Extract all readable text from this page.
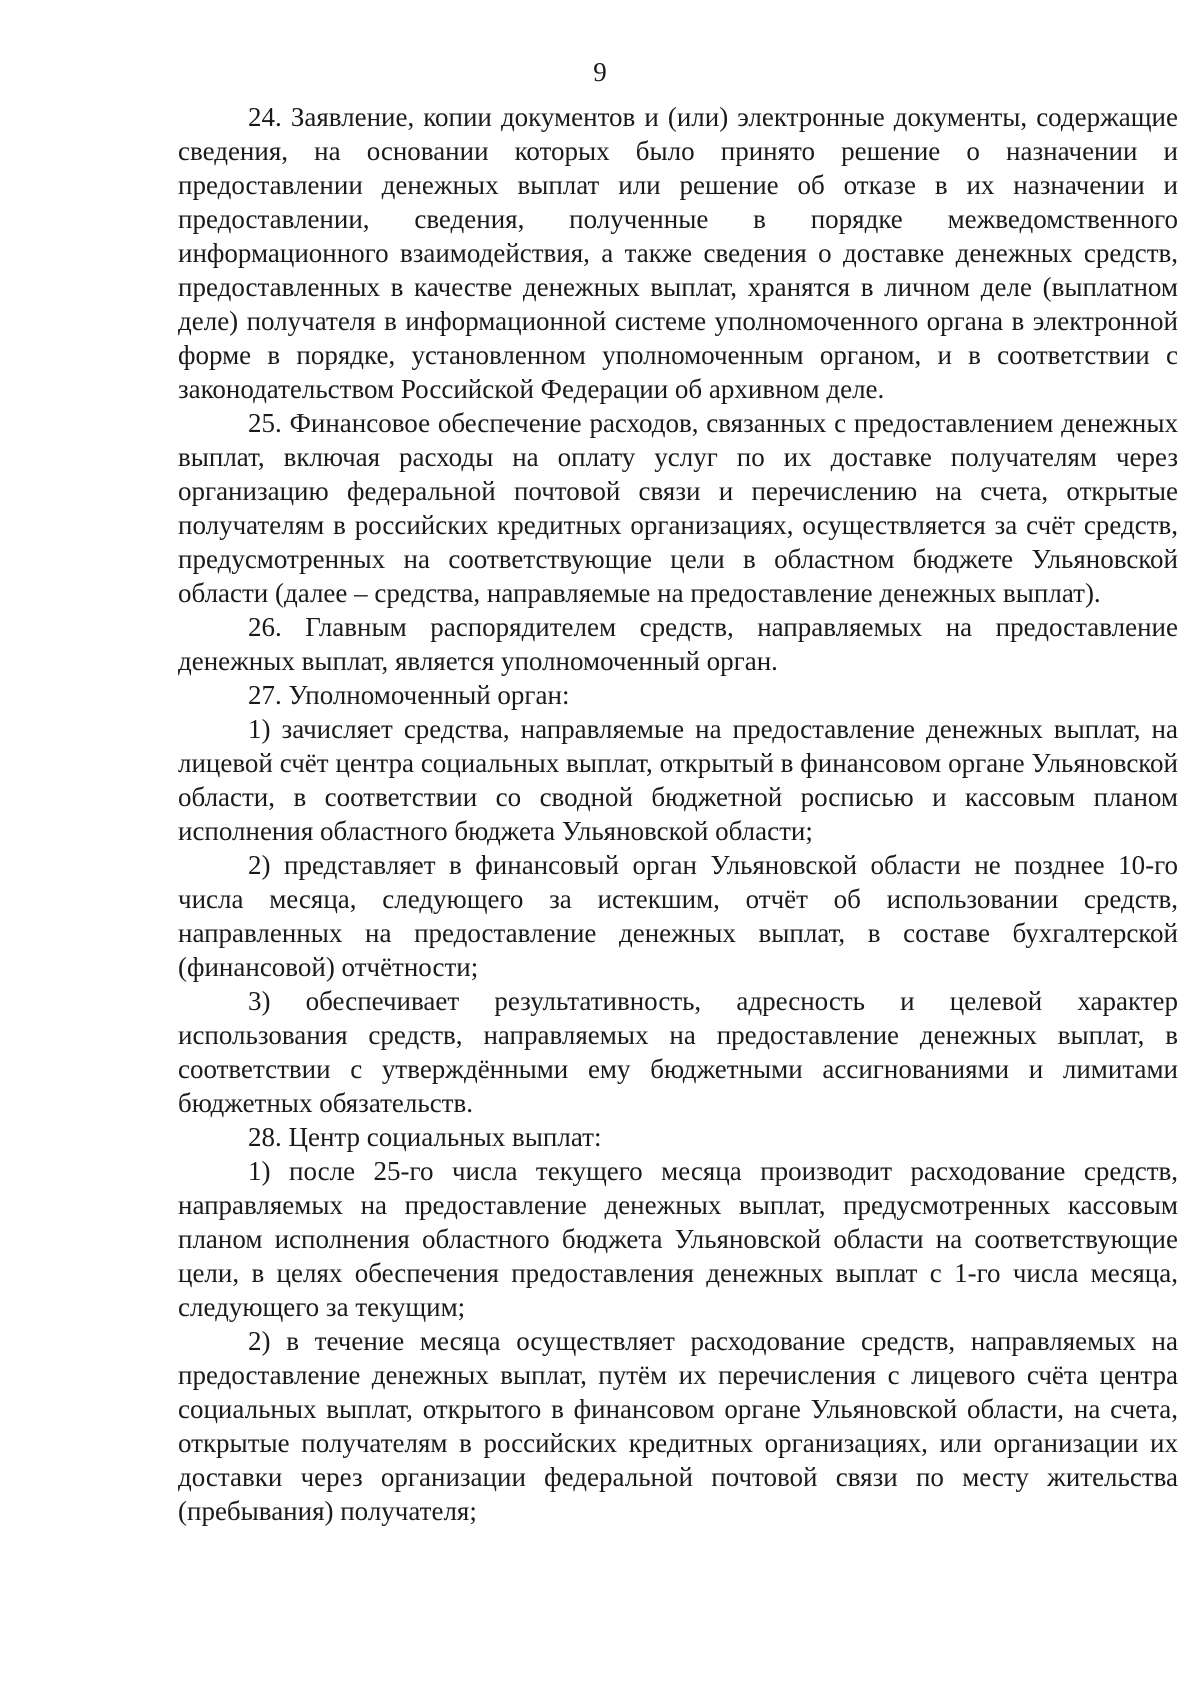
9

24. Заявление, копии документов и (или) электронные документы, содержащие сведения, на основании которых было принято решение о назначении и предоставлении денежных выплат или решение об отказе в их назначении и предоставлении, сведения, полученные в порядке межведомственного информационного взаимодействия, а также сведения о доставке денежных средств, предоставленных в качестве денежных выплат, хранятся в личном деле (выплатном деле) получателя в информационной системе уполномоченного органа в электронной форме в порядке, установленном уполномоченным органом, и в соответствии с законодательством Российской Федерации об архивном деле.

25. Финансовое обеспечение расходов, связанных с предоставлением денежных выплат, включая расходы на оплату услуг по их доставке получателям через организацию федеральной почтовой связи и перечислению на счета, открытые получателям в российских кредитных организациях, осуществляется за счёт средств, предусмотренных на соответствующие цели в областном бюджете Ульяновской области (далее – средства, направляемые на предоставление денежных выплат).

26. Главным распорядителем средств, направляемых на предоставление денежных выплат, является уполномоченный орган.

27. Уполномоченный орган:

1) зачисляет средства, направляемые на предоставление денежных выплат, на лицевой счёт центра социальных выплат, открытый в финансовом органе Ульяновской области, в соответствии со сводной бюджетной росписью и кассовым планом исполнения областного бюджета Ульяновской области;

2) представляет в финансовый орган Ульяновской области не позднее 10-го числа месяца, следующего за истекшим, отчёт об использовании средств, направленных на предоставление денежных выплат, в составе бухгалтерской (финансовой) отчётности;

3) обеспечивает результативность, адресность и целевой характер использования средств, направляемых на предоставление денежных выплат, в соответствии с утверждёнными ему бюджетными ассигнованиями и лимитами бюджетных обязательств.

28. Центр социальных выплат:

1) после 25-го числа текущего месяца производит расходование средств, направляемых на предоставление денежных выплат, предусмотренных кассовым планом исполнения областного бюджета Ульяновской области на соответствующие цели, в целях обеспечения предоставления денежных выплат с 1-го числа месяца, следующего за текущим;

2) в течение месяца осуществляет расходование средств, направляемых на предоставление денежных выплат, путём их перечисления с лицевого счёта центра социальных выплат, открытого в финансовом органе Ульяновской области, на счета, открытые получателям в российских кредитных организациях, или организации их доставки через организации федеральной почтовой связи по месту жительства (пребывания) получателя;
